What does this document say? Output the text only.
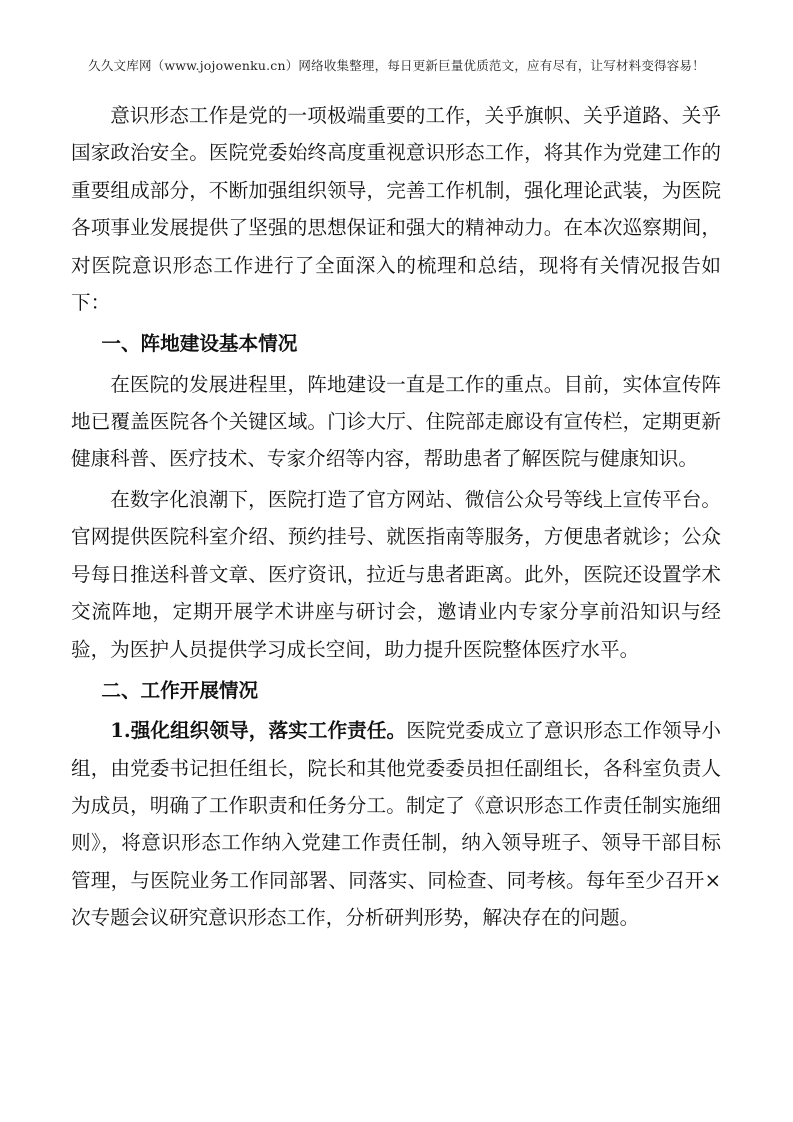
久久文库网（www.jojowenku.cn）网络收集整理，每日更新巨量优质范文，应有尽有，让写材料变得容易！

意识形态工作是党的一项极端重要的工作，关乎旗帜、关乎道路、关乎国家政治安全。医院党委始终高度重视意识形态工作，将其作为党建工作的重要组成部分，不断加强组织领导，完善工作机制，强化理论武装，为医院各项事业发展提供了坚强的思想保证和强大的精神动力。在本次巡察期间，对医院意识形态工作进行了全面深入的梳理和总结，现将有关情况报告如下：

一、阵地建设基本情况

在医院的发展进程里，阵地建设一直是工作的重点。目前，实体宣传阵地已覆盖医院各个关键区域。门诊大厅、住院部走廊设有宣传栏，定期更新健康科普、医疗技术、专家介绍等内容，帮助患者了解医院与健康知识。

在数字化浪潮下，医院打造了官方网站、微信公众号等线上宣传平台。官网提供医院科室介绍、预约挂号、就医指南等服务，方便患者就诊；公众号每日推送科普文章、医疗资讯，拉近与患者距离。此外，医院还设置学术交流阵地，定期开展学术讲座与研讨会，邀请业内专家分享前沿知识与经验，为医护人员提供学习成长空间，助力提升医院整体医疗水平。

二、工作开展情况

1.强化组织领导，落实工作责任。医院党委成立了意识形态工作领导小组，由党委书记担任组长，院长和其他党委委员担任副组长，各科室负责人为成员，明确了工作职责和任务分工。制定了《意识形态工作责任制实施细则》，将意识形态工作纳入党建工作责任制，纳入领导班子、领导干部目标管理，与医院业务工作同部署、同落实、同检查、同考核。每年至少召开×次专题会议研究意识形态工作，分析研判形势，解决存在的问题。
